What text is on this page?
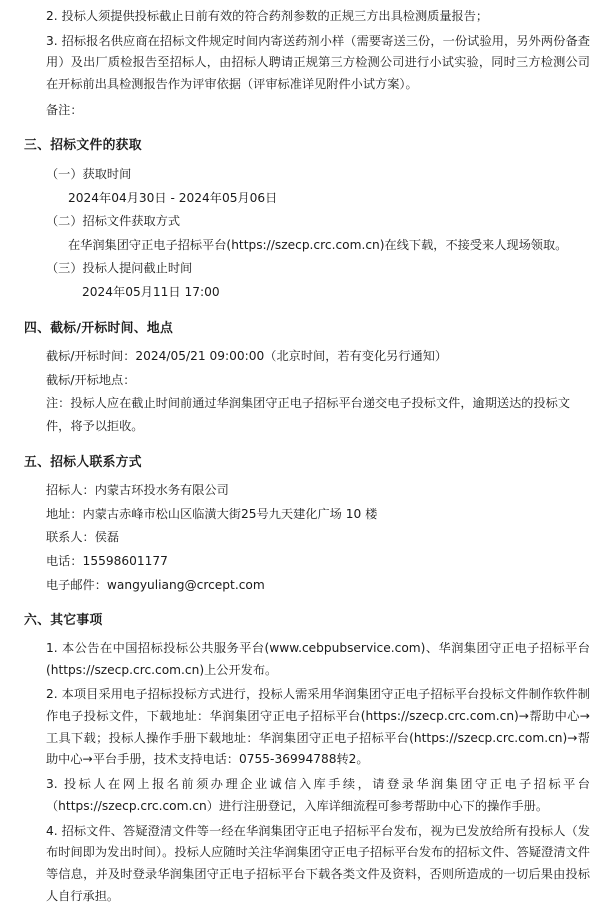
2. 投标人须提供投标截止日前有效的符合药剂参数的正规三方出具检测质量报告；

3. 招标报名供应商在招标文件规定时间内寄送药剂小样（需要寄送三份，一份试验用，另外两份备查用）及出厂质检报告至招标人，由招标人聘请正规第三方检测公司进行小试实验，同时三方检测公司在开标前出具检测报告作为评审依据（评审标准详见附件小试方案）。

备注：

三、招标文件的获取

（一）获取时间

2024年04月30日 - 2024年05月06日

（二）招标文件获取方式

在华润集团守正电子招标平台(https://szecp.crc.com.cn)在线下载，不接受来人现场领取。

（三）投标人提问截止时间

2024年05月11日 17:00

四、截标/开标时间、地点

截标/开标时间：2024/05/21 09:00:00（北京时间，若有变化另行通知）

截标/开标地点：

注：投标人应在截止时间前通过华润集团守正电子招标平台递交电子投标文件，逾期送达的投标文件，将予以拒收。

五、招标人联系方式

招标人：内蒙古环投水务有限公司

地址：内蒙古赤峰市松山区临潢大街25号九天建化广场 10 楼

联系人：侯磊

电话：15598601177

电子邮件：wangyuliang@crcept.com

六、其它事项

1. 本公告在中国招标投标公共服务平台(www.cebpubservice.com)、华润集团守正电子招标平台(https://szecp.crc.com.cn)上公开发布。

2. 本项目采用电子招标投标方式进行，投标人需采用华润集团守正电子招标平台投标文件制作软件制作电子投标文件，下载地址：华润集团守正电子招标平台(https://szecp.crc.com.cn)→帮助中心→工具下载；投标人操作手册下载地址：华润集团守正电子招标平台(https://szecp.crc.com.cn)→帮助中心→平台手册，技术支持电话：0755-36994788转2。

3. 投标人在网上报名前须办理企业诚信入库手续，请登录华润集团守正电子招标平台（https://szecp.crc.com.cn）进行注册登记，入库详细流程可参考帮助中心下的操作手册。

4. 招标文件、答疑澄清文件等一经在华润集团守正电子招标平台发布，视为已发放给所有投标人（发布时间即为发出时间）。投标人应随时关注华润集团守正电子招标平台发布的招标文件、答疑澄清文件等信息，并及时登录华润集团守正电子招标平台下载各类文件及资料，否则所造成的一切后果由投标人自行承担。
